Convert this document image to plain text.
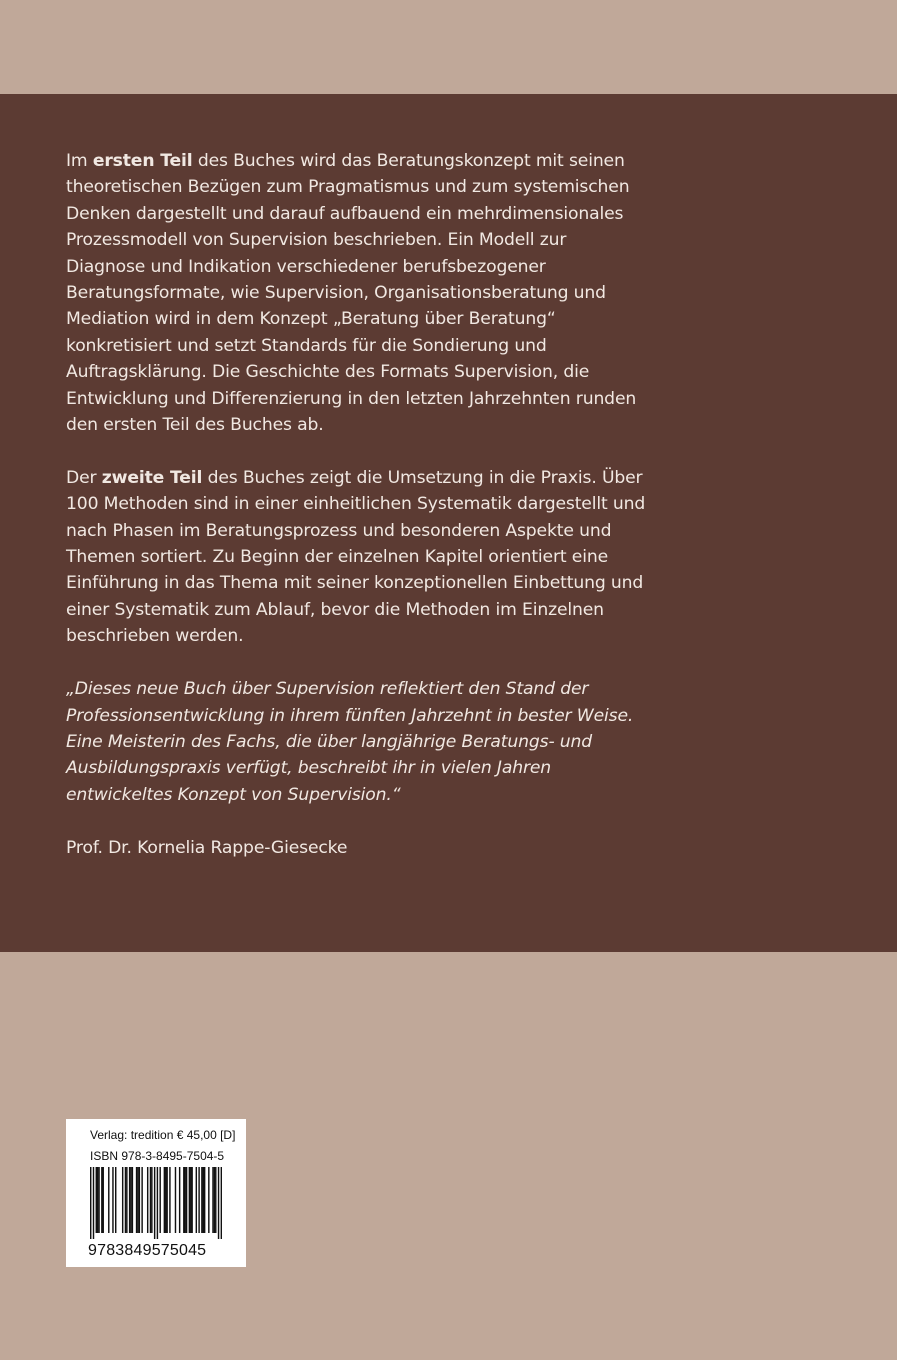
Im ersten Teil des Buches wird das Beratungskonzept mit seinen theoretischen Bezügen zum Pragmatismus und zum systemischen Denken dargestellt und darauf aufbauend ein mehrdimensionales Prozessmodell von Supervision beschrieben. Ein Modell zur Diagnose und Indikation verschiedener berufsbezogener Beratungsformate, wie Supervision, Organisationsberatung und Mediation wird in dem Konzept „Beratung über Beratung“ konkretisiert und setzt Standards für die Sondierung und Auftragsklärung. Die Geschichte des Formats Supervision, die Entwicklung und Differenzierung in den letzten Jahrzehnten runden den ersten Teil des Buches ab.

Der zweite Teil des Buches zeigt die Umsetzung in die Praxis. Über 100 Methoden sind in einer einheitlichen Systematik dargestellt und nach Phasen im Beratungsprozess und besonderen Aspekte und Themen sortiert. Zu Beginn der einzelnen Kapitel orientiert eine Einführung in das Thema mit seiner konzeptionellen Einbettung und einer Systematik zum Ablauf, bevor die Methoden im Einzelnen beschrieben werden.

„Dieses neue Buch über Supervision reflektiert den Stand der Professionsentwicklung in ihrem fünften Jahrzehnt in bester Weise. Eine Meisterin des Fachs, die über langjährige Beratungs- und Ausbildungspraxis verfügt, beschreibt ihr in vielen Jahren entwickeltes Konzept von Supervision.“

Prof. Dr. Kornelia Rappe-Giesecke

Verlag: tredition € 45,00 [D]
ISBN 978-3-8495-7504-5
9783849575045
